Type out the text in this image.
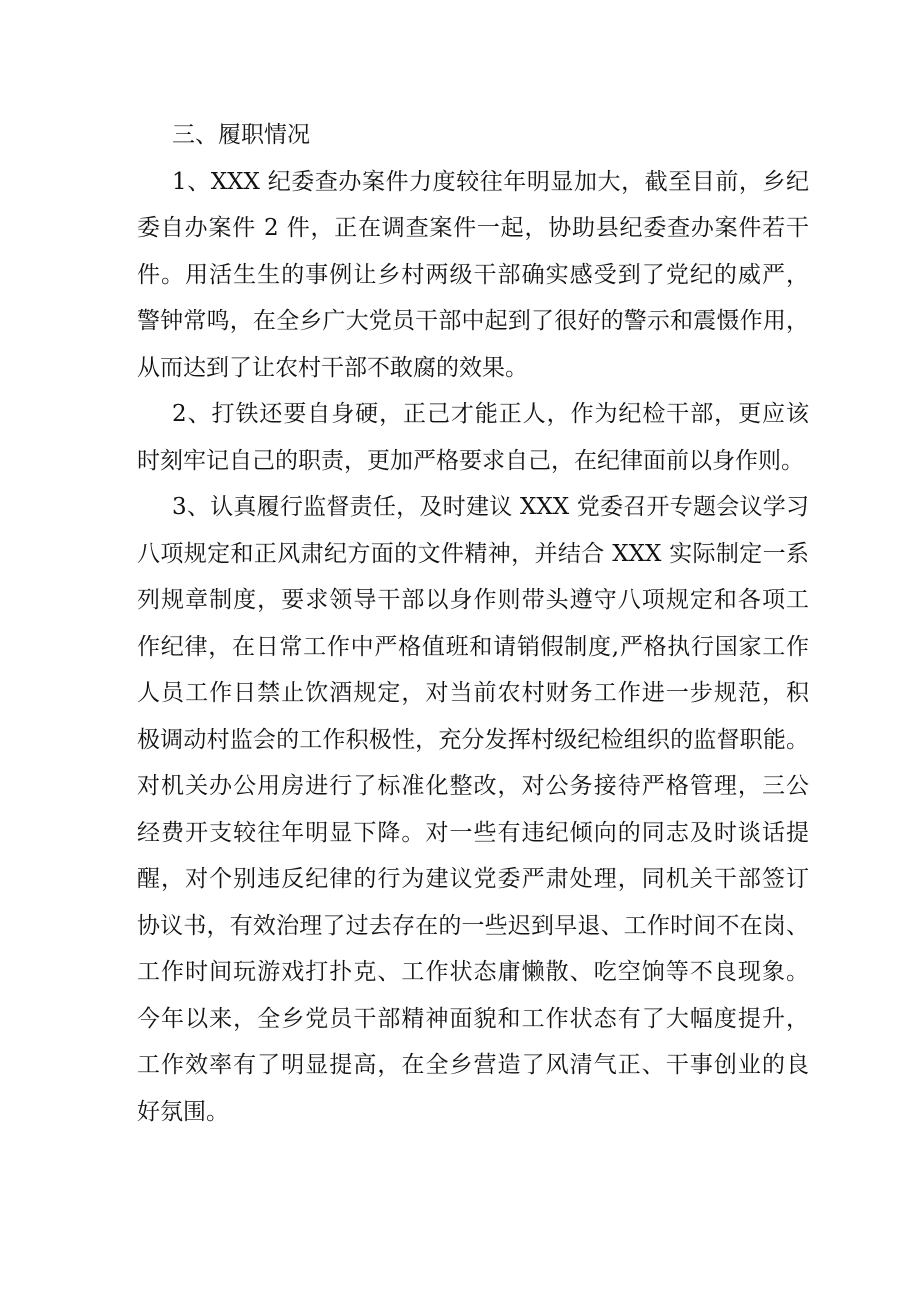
三、履职情况
1、XXX 纪委查办案件力度较往年明显加大，截至目前，乡纪
委自办案件 2 件，正在调查案件一起，协助县纪委查办案件若干
件。用活生生的事例让乡村两级干部确实感受到了党纪的威严，
警钟常鸣，在全乡广大党员干部中起到了很好的警示和震慑作用，
从而达到了让农村干部不敢腐的效果。
2、打铁还要自身硬，正己才能正人，作为纪检干部，更应该
时刻牢记自己的职责，更加严格要求自己，在纪律面前以身作则。
3、认真履行监督责任，及时建议 XXX 党委召开专题会议学习
八项规定和正风肃纪方面的文件精神，并结合 XXX 实际制定一系
列规章制度，要求领导干部以身作则带头遵守八项规定和各项工
作纪律，在日常工作中严格值班和请销假制度,严格执行国家工作
人员工作日禁止饮酒规定，对当前农村财务工作进一步规范，积
极调动村监会的工作积极性，充分发挥村级纪检组织的监督职能。
对机关办公用房进行了标准化整改，对公务接待严格管理，三公
经费开支较往年明显下降。对一些有违纪倾向的同志及时谈话提
醒，对个别违反纪律的行为建议党委严肃处理，同机关干部签订
协议书，有效治理了过去存在的一些迟到早退、工作时间不在岗、
工作时间玩游戏打扑克、工作状态庸懒散、吃空饷等不良现象。
今年以来，全乡党员干部精神面貌和工作状态有了大幅度提升，
工作效率有了明显提高，在全乡营造了风清气正、干事创业的良
好氛围。
